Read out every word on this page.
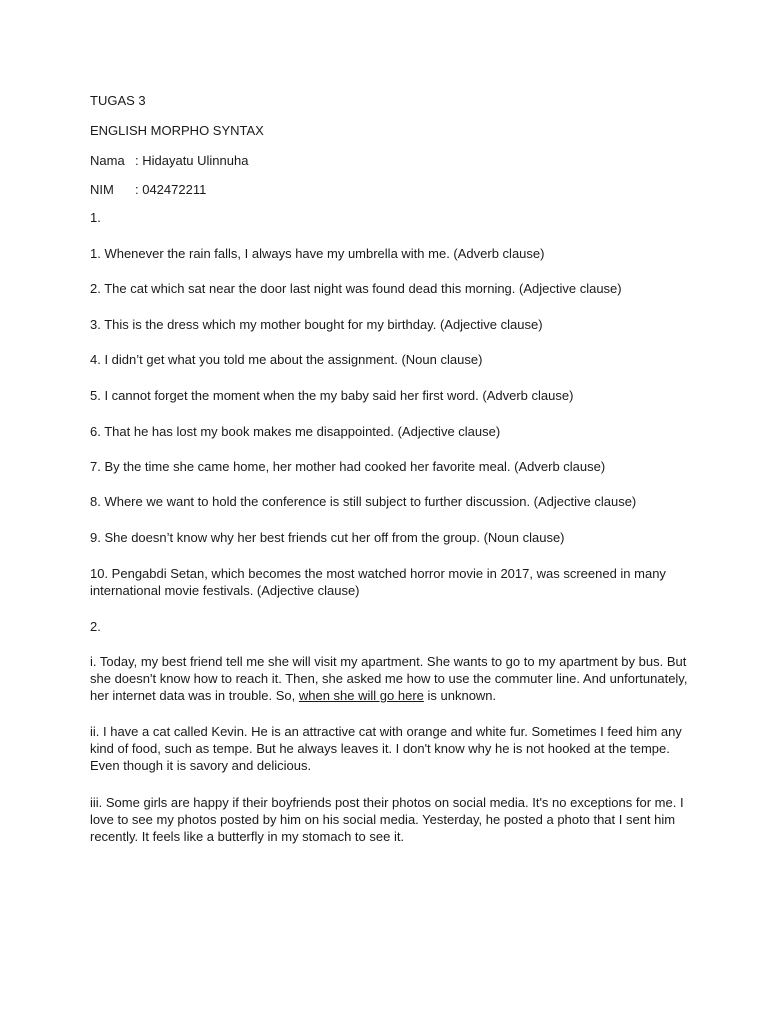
TUGAS 3

ENGLISH MORPHO SYNTAX

Nama : Hidayatu Ulinnuha

NIM : 042472211

1.

1. Whenever the rain falls, I always have my umbrella with me. (Adverb clause)

2. The cat which sat near the door last night was found dead this morning. (Adjective clause)

3. This is the dress which my mother bought for my birthday. (Adjective clause)

4. I didn’t get what you told me about the assignment. (Noun clause)

5. I cannot forget the moment when the my baby said her first word. (Adverb clause)

6. That he has lost my book makes me disappointed. (Adjective clause)

7. By the time she came home, her mother had cooked her favorite meal. (Adverb clause)

8. Where we want to hold the conference is still subject to further discussion. (Adjective clause)

9. She doesn’t know why her best friends cut her off from the group. (Noun clause)

10. Pengabdi Setan, which becomes the most watched horror movie in 2017, was screened in many international movie festivals. (Adjective clause)

2.

i. Today, my best friend tell me she will visit my apartment. She wants to go to my apartment by bus. But she doesn't know how to reach it. Then, she asked me how to use the commuter line. And unfortunately, her internet data was in trouble. So, when she will go here is unknown.

ii. I have a cat called Kevin. He is an attractive cat with orange and white fur. Sometimes I feed him any kind of food, such as tempe. But he always leaves it. I don't know why he is not hooked at the tempe. Even though it is savory and delicious.

iii. Some girls are happy if their boyfriends post their photos on social media. It's no exceptions for me. I love to see my photos posted by him on his social media. Yesterday, he posted a photo that I sent him recently. It feels like a butterfly in my stomach to see it.
